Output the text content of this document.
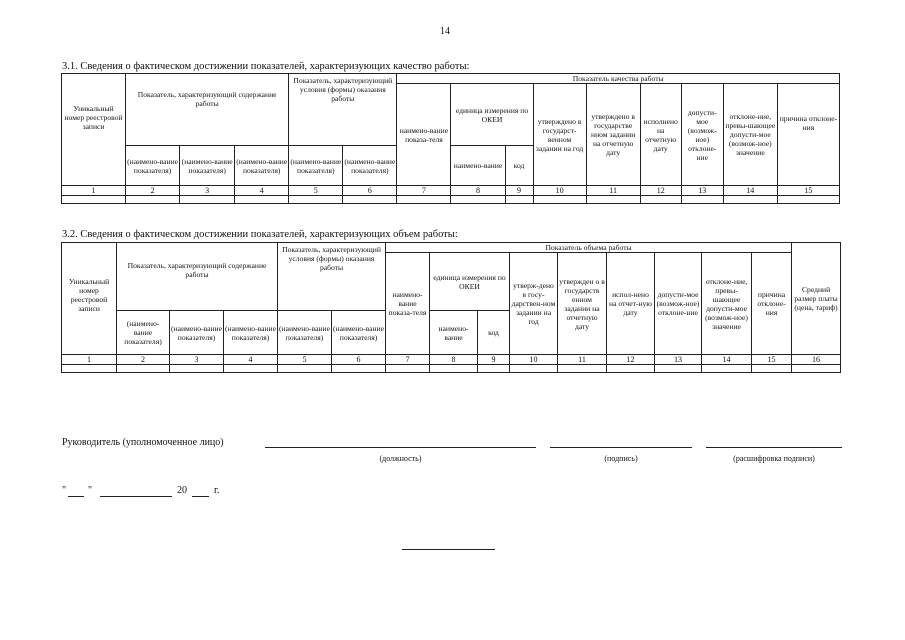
14
3.1. Сведения о фактическом достижении показателей, характеризующих качество работы:
Уникальный номер реестровой записи	Показатель, характеризующий содержание работы			Показатель, характеризующий условия (формы) оказания работы		Показатель качества работы								
						наимено-вание показа-теля	единица измерения по ОКЕИ		утверждено в государст-венном задании на год	утверждено в государстве нном задании на отчетную дату	исполнено на отчетную дату	допусти-мое (возмож-ное) отклоне-ние	отклоне-ние, превы-шающее допусти-мое (возмож-ное) значение	причина отклоне-ния
	(наимено-вание показателя)	(наимено-вание показателя)	(наимено-вание показателя)	(наимено-вание показателя)	(наимено-вание показателя)		наимено-вание	код						
1	2	3	4	5	6	7	8	9	10	11	12	13	14	15

3.2. Сведения о фактическом достижении показателей, характеризующих объем работы:
Уникальный номер реестровой записи	Показатель, характеризующий содержание работы			Показатель, характеризующий условия (формы) оказания работы		Показатель объема работы									Средний размер платы (цена, тариф)
						наимено-вание показа-теля	единица измерения по ОКЕИ		утверж-дено в госу-дарствен-ном задании на год	утвержден о в государств енном задании на отчетную дату	испол-нено на отчет-ную дату	допусти-мое (возмож-ное) отклоне-ние	отклоне-ние, превы-шающее допусти-мое (возмож-ное) значение	причина отклоне-ния	
	(наимено-вание показателя)	(наимено-вание показателя)	(наимено-вание показателя)	(наимено-вание показателя)	(наимено-вание показателя)		наимено-вание	код							
1	2	3	4	5	6	7	8	9	10	11	12	13	14	15	16

Руководитель (уполномоченное лицо)
(должность)	(подпись)	(расшифровка подписи)
" "	20	г.
